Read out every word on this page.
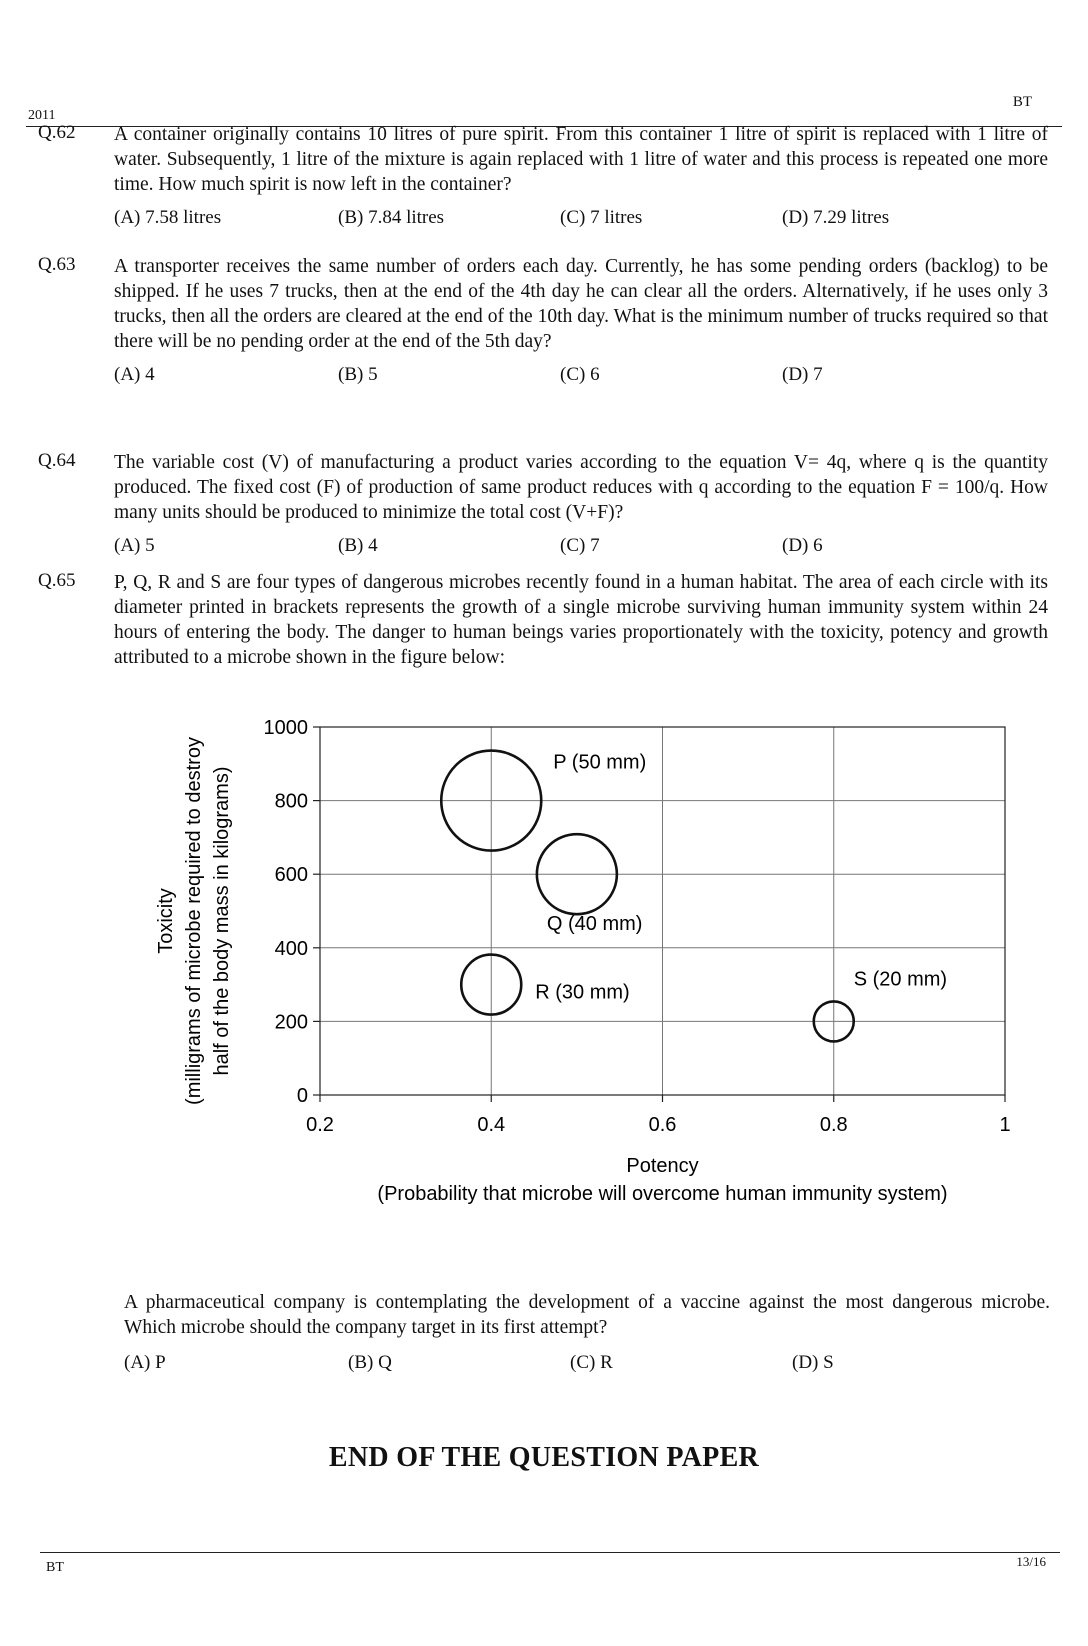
2011
BT
Q.62	A container originally contains 10 litres of pure spirit. From this container 1 litre of spirit is replaced with 1 litre of water. Subsequently, 1 litre of the mixture is again replaced with 1 litre of water and this process is repeated one more time. How much spirit is now left in the container?
(A) 7.58 litres	(B) 7.84 litres	(C) 7 litres	(D) 7.29 litres
Q.63	A transporter receives the same number of orders each day. Currently, he has some pending orders (backlog) to be shipped. If he uses 7 trucks, then at the end of the 4th day he can clear all the orders. Alternatively, if he uses only 3 trucks, then all the orders are cleared at the end of the 10th day. What is the minimum number of trucks required so that there will be no pending order at the end of the 5th day?
(A) 4	(B) 5	(C) 6	(D) 7
Q.64	The variable cost (V) of manufacturing a product varies according to the equation V= 4q, where q is the quantity produced. The fixed cost (F) of production of same product reduces with q according to the equation F = 100/q. How many units should be produced to minimize the total cost (V+F)?
(A) 5	(B) 4	(C) 7	(D) 6
Q.65	P, Q, R and S are four types of dangerous microbes recently found in a human habitat. The area of each circle with its diameter printed in brackets represents the growth of a single microbe surviving human immunity system within 24 hours of entering the body. The danger to human beings varies proportionately with the toxicity, potency and growth attributed to a microbe shown in the figure below:
0.2	0.4	0.6	0.8	1
0
200
400
600
800
1000
P (50 mm)
Q (40 mm)
R (30 mm)
S (20 mm)
Potency
(Probability that microbe will overcome human immunity system)
Toxicity (milligrams of microbe required to destroy half of the body mass in kilograms)
A pharmaceutical company is contemplating the development of a vaccine against the most dangerous microbe. Which microbe should the company target in its first attempt?
(A) P	(B) Q	(C) R	(D) S
END OF THE QUESTION PAPER
BT	13/16
